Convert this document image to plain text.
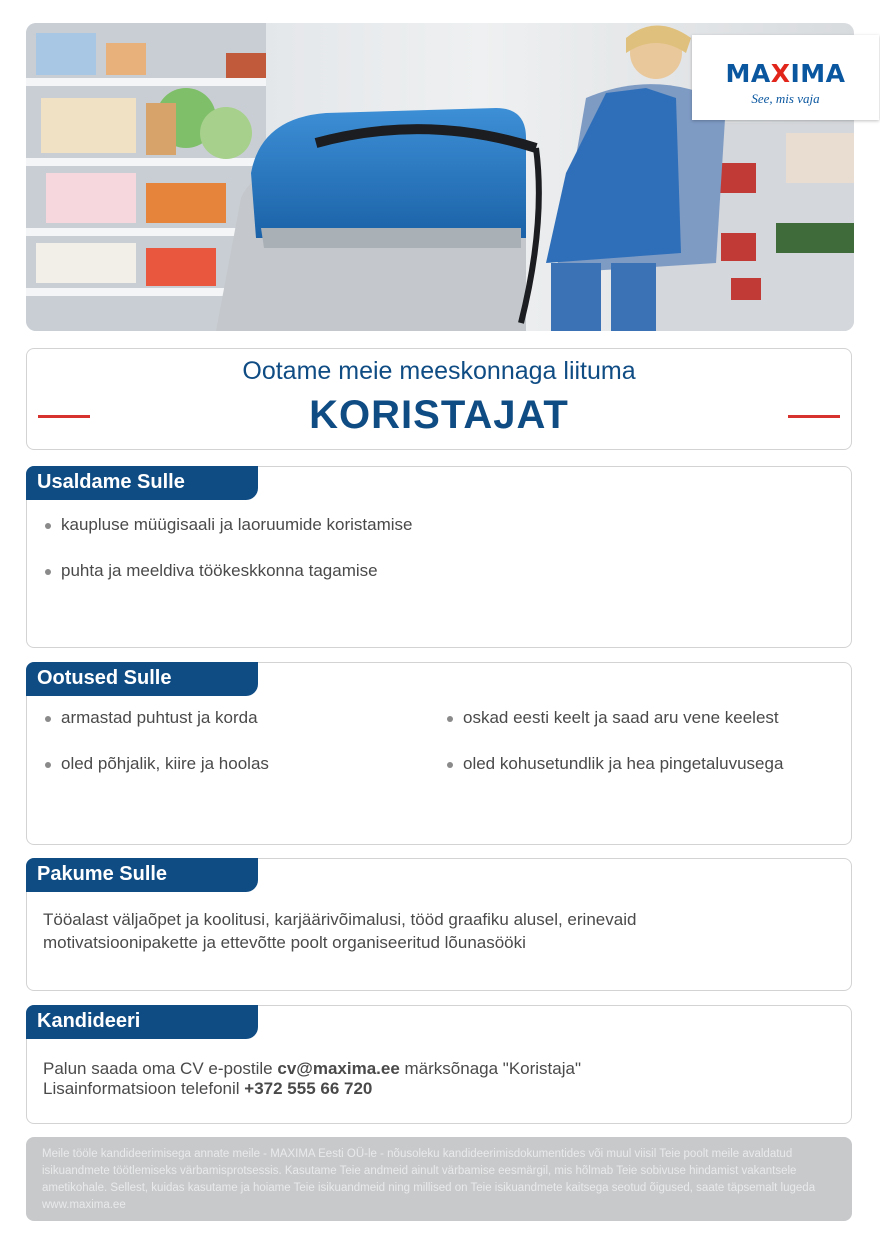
MAXIMA
See, mis vaja
Ootame meie meeskonnaga liituma
KORISTAJAT
Usaldame Sulle
kaupluse müügisaali ja laoruumide koristamise
puhta ja meeldiva töökeskkonna tagamise
Ootused Sulle
armastad puhtust ja korda
oled põhjalik, kiire ja hoolas
oskad eesti keelt ja saad aru vene keelest
oled kohusetundlik ja hea pingetaluvusega
Pakume Sulle
Tööalast väljaõpet ja koolitusi, karjäärivõimalusi, tööd graafiku alusel, erinevaid
motivatsioonipakette ja ettevõtte poolt organiseeritud lõunasööki
Kandideeri
Palun saada oma CV e-postile cv@maxima.ee märksõnaga "Koristaja"
Lisainformatsioon telefonil +372 555 66 720
Meile tööle kandideerimisega annate meile - MAXIMA Eesti OÜ-le - nõusoleku kandideerimisdokumentides või muul viisil Teie poolt meile avaldatud isikuandmete töötlemiseks värbamisprotsessis. Kasutame Teie andmeid ainult värbamise eesmärgil, mis hõlmab Teie sobivuse hindamist vakantsele ametikohale. Sellest, kuidas kasutame ja hoiame Teie isikuandmeid ning millised on Teie isikuandmete kaitsega seotud õigused, saate täpsemalt lugeda www.maxima.ee
